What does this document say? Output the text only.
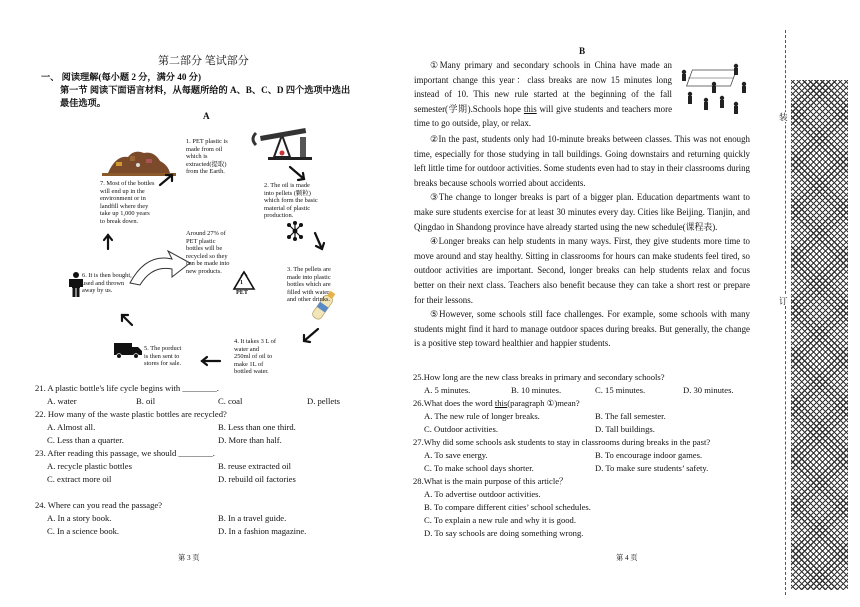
第二部分 笔试部分
一、 阅读理解(每小题 2 分，满分 40 分)
第一节 阅读下面语言材料，从每题所给的 A、B、C、D 四个选项中选出
最佳选项。
A
1
PET
1. PET plastic is
made from oil
which is
extracted(提取)
from the Earth.
2. The oil is made
into pellets (颗粒)
which form the basic
material of plastic
production.
3. The pellets are
made into plastic
bottles which are
filled with water
and other drinks.
4. It takes 3 L of
water and
250ml of oil to
make 1L of
bottled water.
5. The porduct
is then sent to
stores for sale.
6. It is then bought,
used and thrown
away by us.
7. Most of the bottles
will end up in the
environment or in
landfill where they
take up 1,000 years
to break down.
Around 27% of
PET plastic
bottles will be
recycled so they
can be made into
new products.
21. A plastic bottle's life cycle begins with ________.
A. water	B. oil	C. coal	D. pellets
22. How many of the waste plastic bottles are recycled?
A. Almost all.	B. Less than one third.
C. Less than a quarter.	D. More than half.
23. After reading this passage, we should ________.
A. recycle plastic bottles	B. reuse extracted oil
C. extract more oil	D. rebuild oil factories
24. Where can you read the passage?
A. In a story book.	B. In a travel guide.
C. In a science book.	D. In a fashion magazine.
第 3 页
B

①Many primary and secondary schools in China have made an important change this year：class breaks are now 15 minutes long instead of 10. This new rule started at the beginning of the fall semester(学期).Schools hope this will give students and teachers more time to go outside, play, or relax.

②In the past, students only had 10-minute breaks between classes. This was not enough time, especially for those studying in tall buildings. Going downstairs and returning quickly left little time for outdoor activities. Some students even had to stay in their classrooms during breaks because schools worried about accidents.

③The change to longer breaks is part of a bigger plan. Education departments want to make sure students exercise for at least 30 minutes every day. Cities like Beijing. Tianjin, and Qingdao in Shandong province have already started using the new schedule(课程表).

④Longer breaks can help students in many ways. First, they give students more time to move around and stay healthy. Sitting in classrooms for hours can make students feel tired, so outdoor activities are important. Second, longer breaks can help students relax and focus better on their next class. Teachers also benefit because they can take a short rest or prepare for their lessons.

⑤However, some schools still face challenges. For example, some schools with many students might find it hard to manage outdoor spaces during breaks. But generally, the change is a positive step toward healthier and happier students.

25.How long are the new class breaks in primary and secondary schools?
A. 5 minutes.	B. 10 minutes.	C. 15 minutes.	D. 30 minutes.
26.What does the word this(paragraph ①)mean?
A. The new rule of longer breaks.	B. The fall semester.
C. Outdoor activities.	D. Tall buildings.
27.Why did some schools ask students to stay in classrooms during breaks in the past?
A. To save energy.	B. To encourage indoor games.
C. To make school days shorter.	D. To make sure students’ safety.
28.What is the main purpose of this article？
A. To advertise outdoor activities.
B. To compare different cities’ school schedules.
C. To explain a new rule and why it is good.
D. To say schools are doing something wrong.
第 4 页
装
订
